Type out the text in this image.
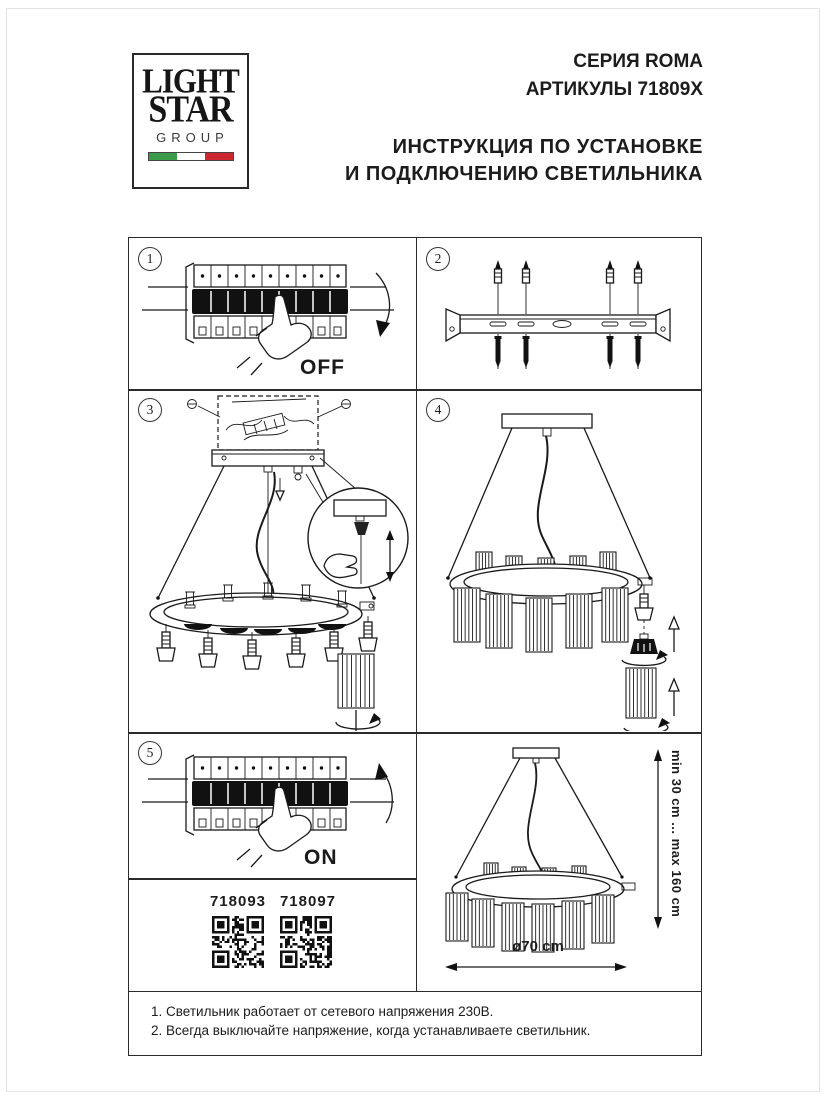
LIGHT
STAR
GROUP
СЕРИЯ ROMA
АРТИКУЛЫ 71809X
ИНСТРУКЦИЯ ПО УСТАНОВКЕ
И ПОДКЛЮЧЕНИЮ СВЕТИЛЬНИКА
1	2
3	4
5
OFF
ON
718093 718097	min 30 cm ... max 160 cm
ø70 cm
1. Светильник работает от сетевого напряжения 230В.
2. Всегда выключайте напряжение, когда устанавливаете светильник.
